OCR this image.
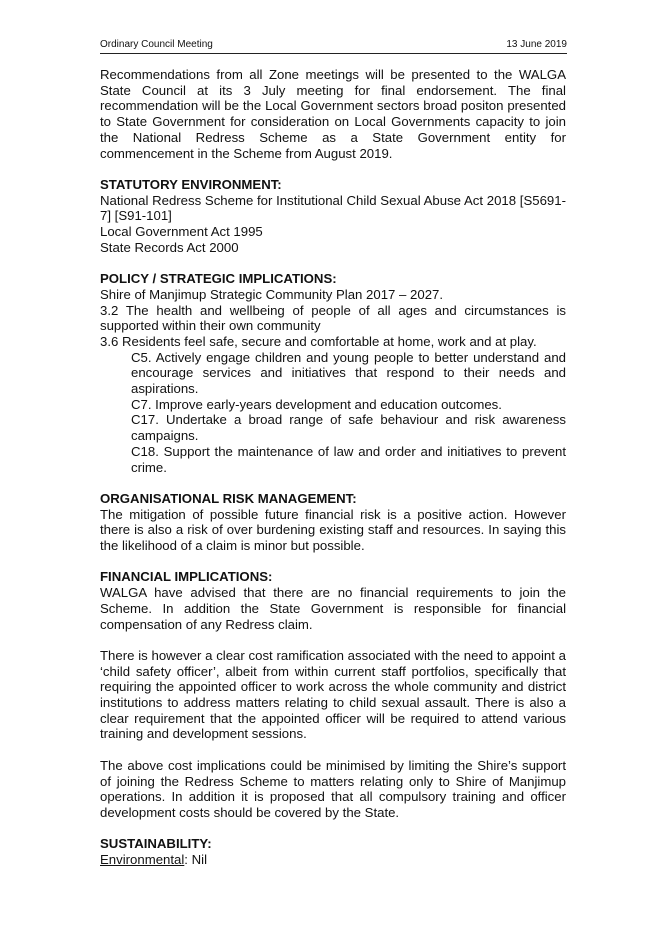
Ordinary Council Meeting	13 June 2019

Recommendations from all Zone meetings will be presented to the WALGA State Council at its 3 July meeting for final endorsement. The final recommendation will be the Local Government sectors broad positon presented to State Government for consideration on Local Governments capacity to join the National Redress Scheme as a State Government entity for commencement in the Scheme from August 2019.

STATUTORY ENVIRONMENT:

National Redress Scheme for Institutional Child Sexual Abuse Act 2018 [S5691-7] [S91-101]

Local Government Act 1995

State Records Act 2000

POLICY / STRATEGIC IMPLICATIONS:

Shire of Manjimup Strategic Community Plan 2017 – 2027.

3.2 The health and wellbeing of people of all ages and circumstances is supported within their own community

3.6 Residents feel safe, secure and comfortable at home, work and at play.

C5. Actively engage children and young people to better understand and encourage services and initiatives that respond to their needs and aspirations.

C7. Improve early-years development and education outcomes.

C17. Undertake a broad range of safe behaviour and risk awareness campaigns.

C18. Support the maintenance of law and order and initiatives to prevent crime.

ORGANISATIONAL RISK MANAGEMENT:

The mitigation of possible future financial risk is a positive action. However there is also a risk of over burdening existing staff and resources. In saying this the likelihood of a claim is minor but possible.

FINANCIAL IMPLICATIONS:

WALGA have advised that there are no financial requirements to join the Scheme. In addition the State Government is responsible for financial compensation of any Redress claim.

There is however a clear cost ramification associated with the need to appoint a ‘child safety officer’, albeit from within current staff portfolios, specifically that requiring the appointed officer to work across the whole community and district institutions to address matters relating to child sexual assault. There is also a clear requirement that the appointed officer will be required to attend various training and development sessions.

The above cost implications could be minimised by limiting the Shire’s support of joining the Redress Scheme to matters relating only to Shire of Manjimup operations. In addition it is proposed that all compulsory training and officer development costs should be covered by the State.

SUSTAINABILITY:

Environmental: Nil
